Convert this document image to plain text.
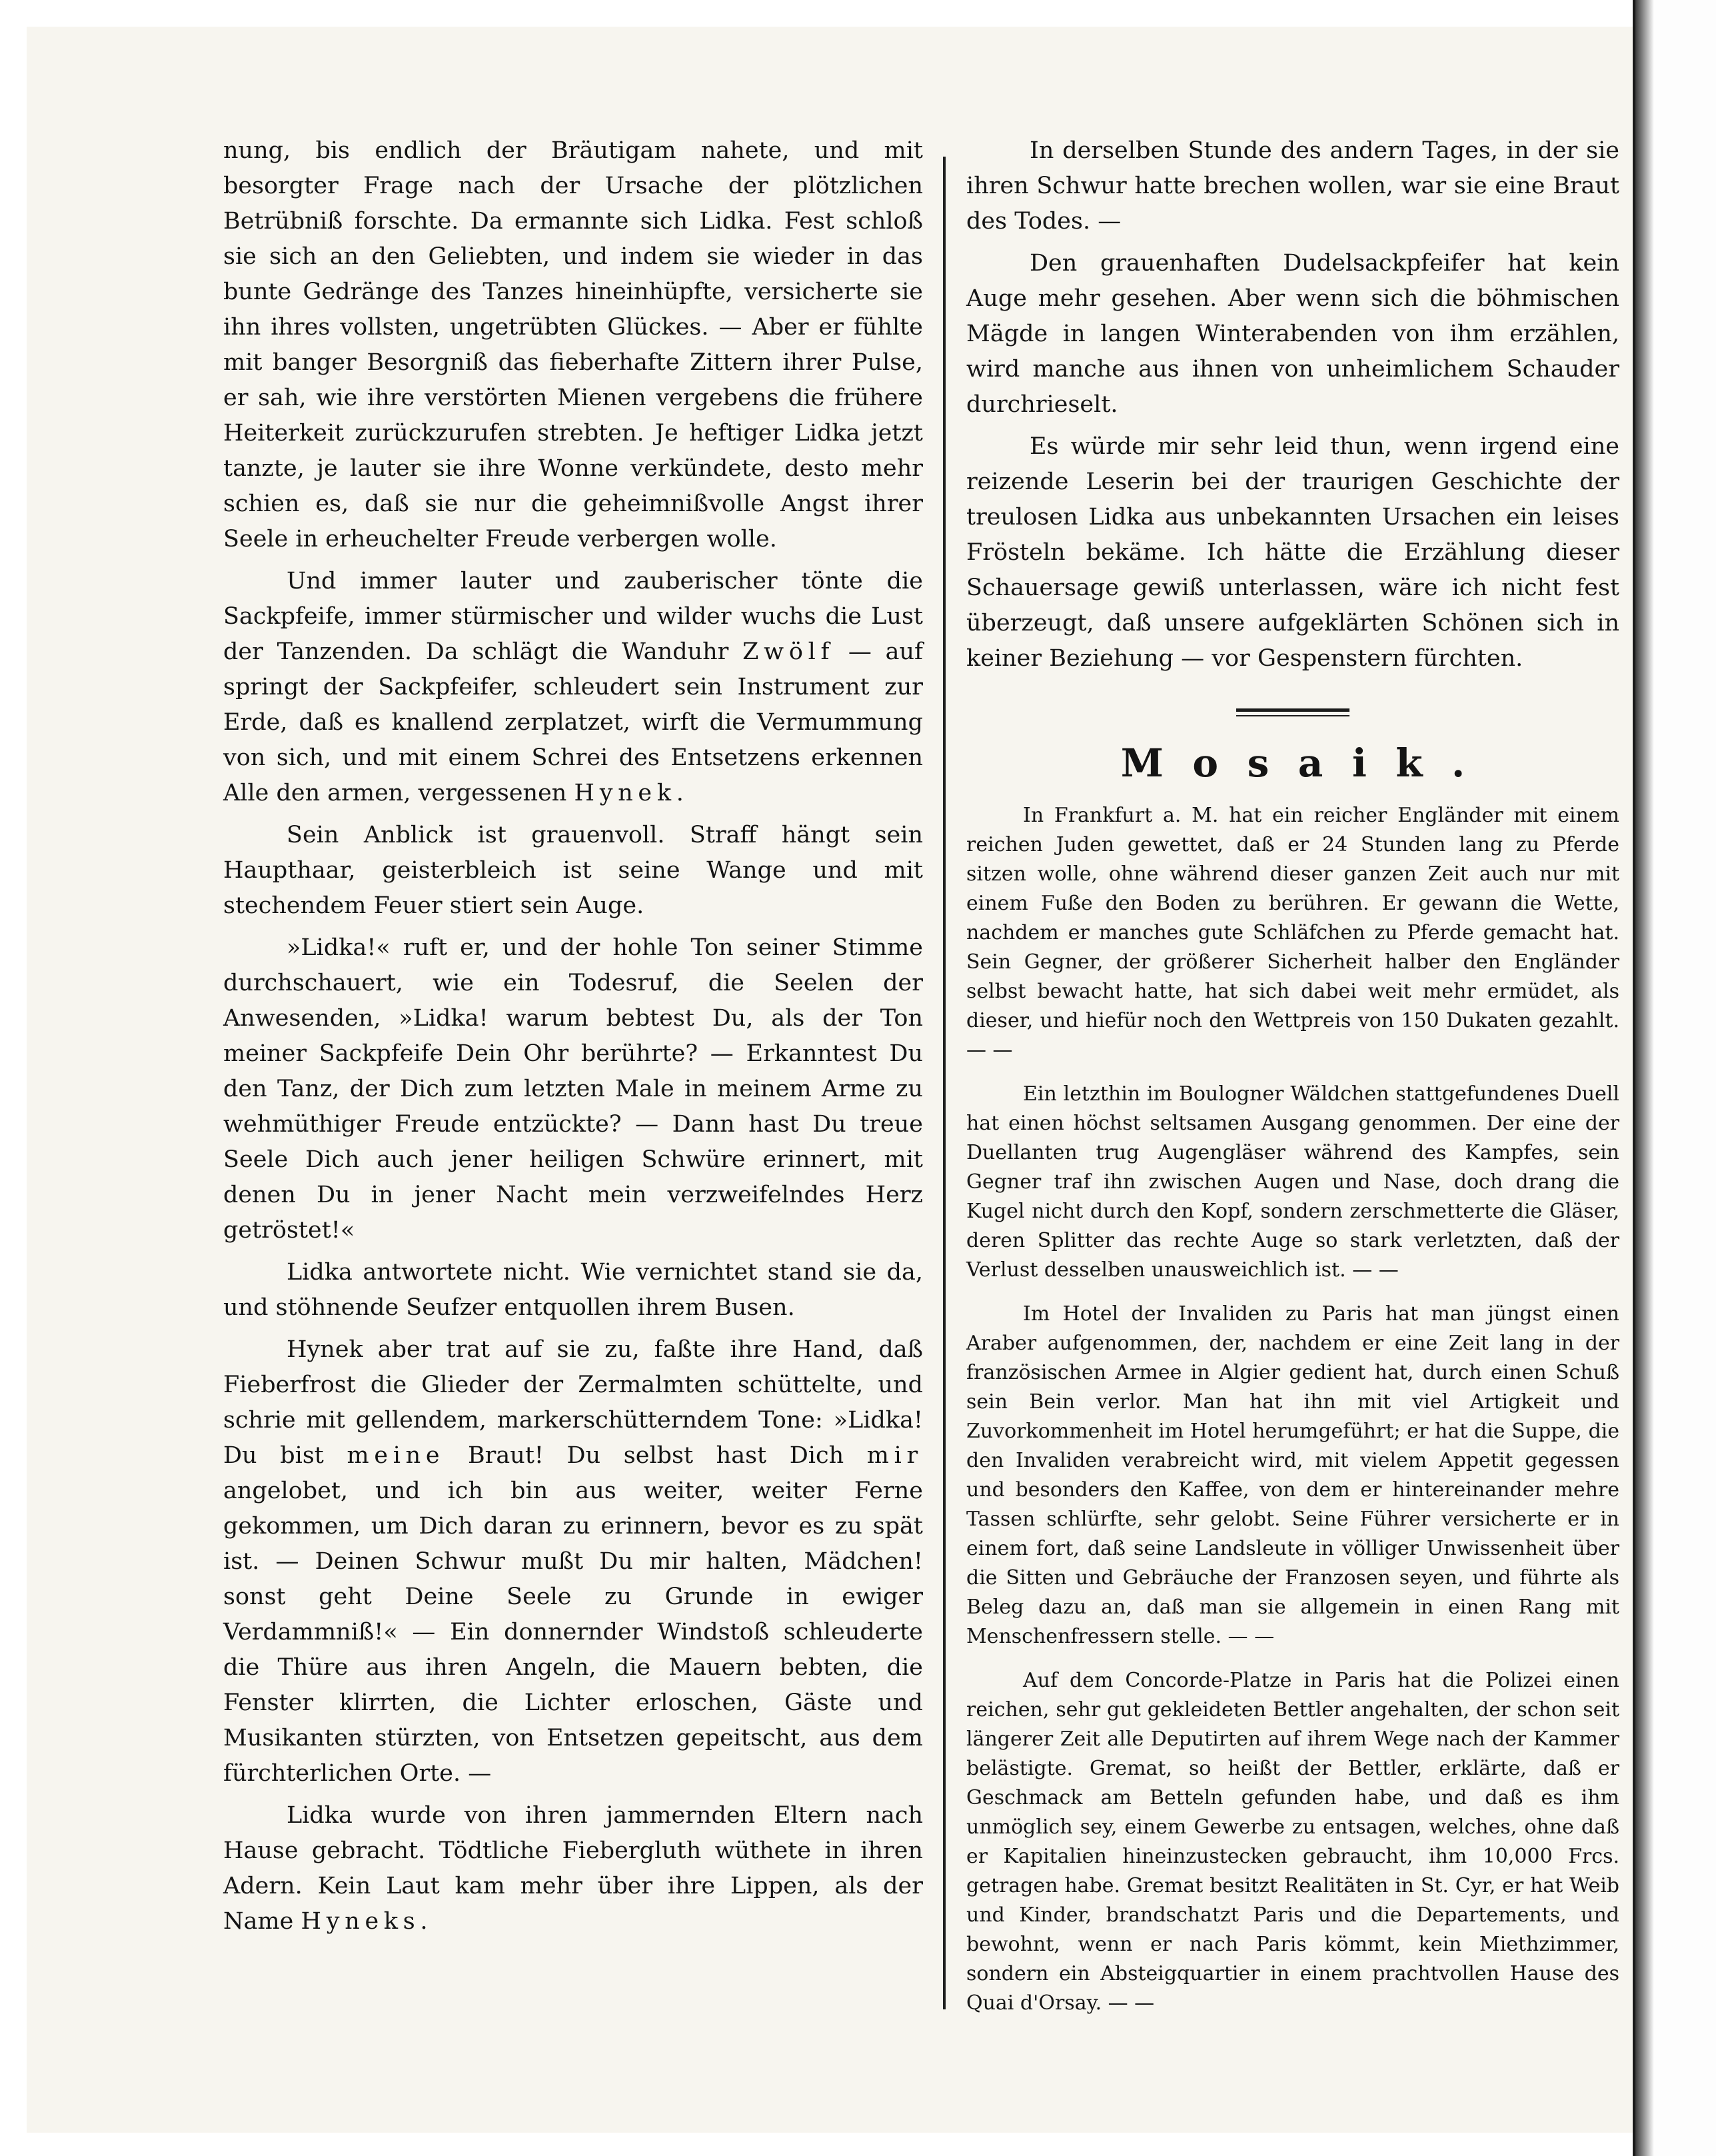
nung, bis endlich der Bräutigam nahete, und mit besorgter Frage nach der Ursache der plötzlichen Betrübniß forschte. Da ermannte sich Lidka. Fest schloß sie sich an den Geliebten, und indem sie wieder in das bunte Gedränge des Tanzes hineinhüpfte, versicherte sie ihn ihres vollsten, ungetrübten Glückes. — Aber er fühlte mit banger Besorgniß das fieberhafte Zittern ihrer Pulse, er sah, wie ihre verstörten Mienen vergebens die frühere Heiterkeit zurückzurufen strebten. Je heftiger Lidka jetzt tanzte, je lauter sie ihre Wonne verkündete, desto mehr schien es, daß sie nur die geheimnißvolle Angst ihrer Seele in erheuchelter Freude verbergen wolle.

Und immer lauter und zauberischer tönte die Sackpfeife, immer stürmischer und wilder wuchs die Lust der Tanzenden. Da schlägt die Wanduhr Zwölf — auf springt der Sackpfeifer, schleudert sein Instrument zur Erde, daß es knallend zerplatzet, wirft die Vermummung von sich, und mit einem Schrei des Entsetzens erkennen Alle den armen, vergessenen Hynek.

Sein Anblick ist grauenvoll. Straff hängt sein Haupthaar, geisterbleich ist seine Wange und mit stechendem Feuer stiert sein Auge.

»Lidka!« ruft er, und der hohle Ton seiner Stimme durchschauert, wie ein Todesruf, die Seelen der Anwesenden, »Lidka! warum bebtest Du, als der Ton meiner Sackpfeife Dein Ohr berührte? — Erkanntest Du den Tanz, der Dich zum letzten Male in meinem Arme zu wehmüthiger Freude entzückte? — Dann hast Du treue Seele Dich auch jener heiligen Schwüre erinnert, mit denen Du in jener Nacht mein verzweifelndes Herz getröstet!«

Lidka antwortete nicht. Wie vernichtet stand sie da, und stöhnende Seufzer entquollen ihrem Busen.

Hynek aber trat auf sie zu, faßte ihre Hand, daß Fieberfrost die Glieder der Zermalmten schüttelte, und schrie mit gellendem, markerschütterndem Tone: »Lidka! Du bist meine Braut! Du selbst hast Dich mir angelobet, und ich bin aus weiter, weiter Ferne gekommen, um Dich daran zu erinnern, bevor es zu spät ist. — Deinen Schwur mußt Du mir halten, Mädchen! sonst geht Deine Seele zu Grunde in ewiger Verdammniß!« — Ein donnernder Windstoß schleuderte die Thüre aus ihren Angeln, die Mauern bebten, die Fenster klirrten, die Lichter erloschen, Gäste und Musikanten stürzten, von Entsetzen gepeitscht, aus dem fürchterlichen Orte. —

Lidka wurde von ihren jammernden Eltern nach Hause gebracht. Tödtliche Fiebergluth wüthete in ihren Adern. Kein Laut kam mehr über ihre Lippen, als der Name Hyneks.

In derselben Stunde des andern Tages, in der sie ihren Schwur hatte brechen wollen, war sie eine Braut des Todes. —

Den grauenhaften Dudelsackpfeifer hat kein Auge mehr gesehen. Aber wenn sich die böhmischen Mägde in langen Winterabenden von ihm erzählen, wird manche aus ihnen von unheimlichem Schauder durchrieselt.

Es würde mir sehr leid thun, wenn irgend eine reizende Leserin bei der traurigen Geschichte der treulosen Lidka aus unbekannten Ursachen ein leises Frösteln bekäme. Ich hätte die Erzählung dieser Schauersage gewiß unterlassen, wäre ich nicht fest überzeugt, daß unsere aufgeklärten Schönen sich in keiner Beziehung — vor Gespenstern fürchten.

Mosaik.

In Frankfurt a. M. hat ein reicher Engländer mit einem reichen Juden gewettet, daß er 24 Stunden lang zu Pferde sitzen wolle, ohne während dieser ganzen Zeit auch nur mit einem Fuße den Boden zu berühren. Er gewann die Wette, nachdem er manches gute Schläfchen zu Pferde gemacht hat. Sein Gegner, der größerer Sicherheit halber den Engländer selbst bewacht hatte, hat sich dabei weit mehr ermüdet, als dieser, und hiefür noch den Wettpreis von 150 Dukaten gezahlt. — —

Ein letzthin im Boulogner Wäldchen stattgefundenes Duell hat einen höchst seltsamen Ausgang genommen. Der eine der Duellanten trug Augengläser während des Kampfes, sein Gegner traf ihn zwischen Augen und Nase, doch drang die Kugel nicht durch den Kopf, sondern zerschmetterte die Gläser, deren Splitter das rechte Auge so stark verletzten, daß der Verlust desselben unausweichlich ist. — —

Im Hotel der Invaliden zu Paris hat man jüngst einen Araber aufgenommen, der, nachdem er eine Zeit lang in der französischen Armee in Algier gedient hat, durch einen Schuß sein Bein verlor. Man hat ihn mit viel Artigkeit und Zuvorkommenheit im Hotel herumgeführt; er hat die Suppe, die den Invaliden verabreicht wird, mit vielem Appetit gegessen und besonders den Kaffee, von dem er hintereinander mehre Tassen schlürfte, sehr gelobt. Seine Führer versicherte er in einem fort, daß seine Landsleute in völliger Unwissenheit über die Sitten und Gebräuche der Franzosen seyen, und führte als Beleg dazu an, daß man sie allgemein in einen Rang mit Menschenfressern stelle. — —

Auf dem Concorde-Platze in Paris hat die Polizei einen reichen, sehr gut gekleideten Bettler angehalten, der schon seit längerer Zeit alle Deputirten auf ihrem Wege nach der Kammer belästigte. Gremat, so heißt der Bettler, erklärte, daß er Geschmack am Betteln gefunden habe, und daß es ihm unmöglich sey, einem Gewerbe zu entsagen, welches, ohne daß er Kapitalien hineinzustecken gebraucht, ihm 10,000 Frcs. getragen habe. Gremat besitzt Realitäten in St. Cyr, er hat Weib und Kinder, brandschatzt Paris und die Departements, und bewohnt, wenn er nach Paris kömmt, kein Miethzimmer, sondern ein Absteigquartier in einem prachtvollen Hause des Quai d'Orsay. — —
